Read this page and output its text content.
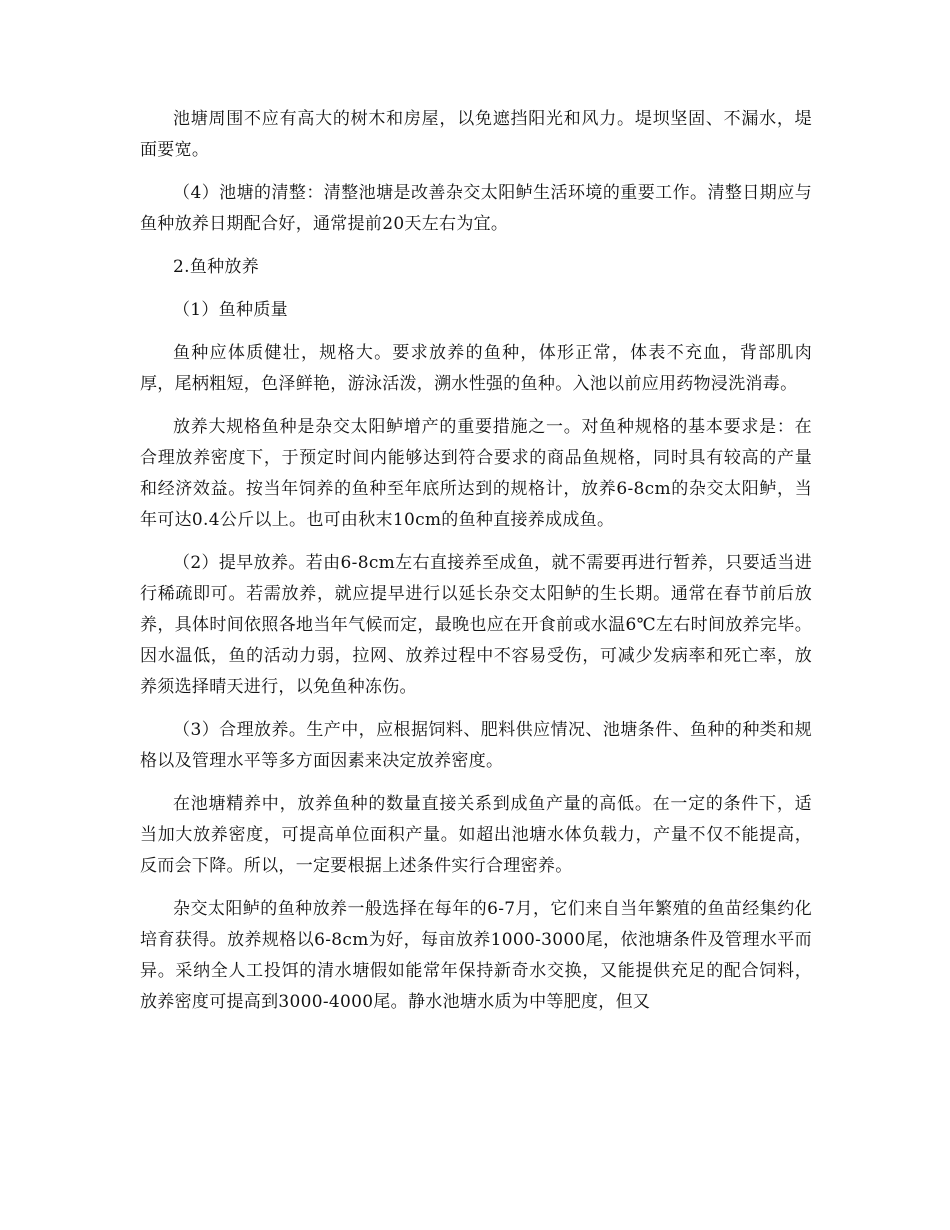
池塘周围不应有高大的树木和房屋，以免遮挡阳光和风力。堤坝坚固、不漏水，堤面要宽。

（4）池塘的清整：清整池塘是改善杂交太阳鲈生活环境的重要工作。清整日期应与鱼种放养日期配合好，通常提前20天左右为宜。

2.鱼种放养

（1）鱼种质量

鱼种应体质健壮，规格大。要求放养的鱼种，体形正常，体表不充血，背部肌肉厚，尾柄粗短，色泽鲜艳，游泳活泼，溯水性强的鱼种。入池以前应用药物浸洗消毒。

放养大规格鱼种是杂交太阳鲈增产的重要措施之一。对鱼种规格的基本要求是：在合理放养密度下，于预定时间内能够达到符合要求的商品鱼规格，同时具有较高的产量和经济效益。按当年饲养的鱼种至年底所达到的规格计，放养6-8cm的杂交太阳鲈，当年可达0.4公斤以上。也可由秋末10cm的鱼种直接养成成鱼。

（2）提早放养。若由6-8cm左右直接养至成鱼，就不需要再进行暂养，只要适当进行稀疏即可。若需放养，就应提早进行以延长杂交太阳鲈的生长期。通常在春节前后放养，具体时间依照各地当年气候而定，最晚也应在开食前或水温6℃左右时间放养完毕。因水温低，鱼的活动力弱，拉网、放养过程中不容易受伤，可减少发病率和死亡率，放养须选择晴天进行，以免鱼种冻伤。

（3）合理放养。生产中，应根据饲料、肥料供应情况、池塘条件、鱼种的种类和规格以及管理水平等多方面因素来决定放养密度。

在池塘精养中，放养鱼种的数量直接关系到成鱼产量的高低。在一定的条件下，适当加大放养密度，可提高单位面积产量。如超出池塘水体负载力，产量不仅不能提高，反而会下降。所以，一定要根据上述条件实行合理密养。

杂交太阳鲈的鱼种放养一般选择在每年的6-7月，它们来自当年繁殖的鱼苗经集约化培育获得。放养规格以6-8cm为好，每亩放养1000-3000尾，依池塘条件及管理水平而异。采纳全人工投饵的清水塘假如能常年保持新奇水交换，又能提供充足的配合饲料，放养密度可提高到3000-4000尾。静水池塘水质为中等肥度，但又
